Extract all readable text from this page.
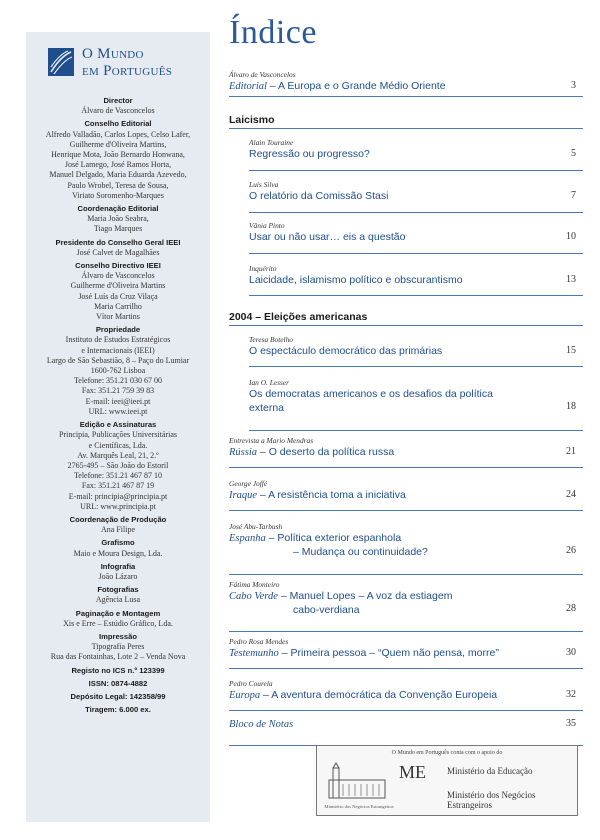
O Mundo
em Português
Director
Álvaro de Vasconcelos
Conselho Editorial
Alfredo Valladão, Carlos Lopes, Celso Lafer,
Guilherme d'Oliveira Martins,
Henrique Mota, João Bernardo Honwana,
José Lamego, José Ramos Horta,
Manuel Delgado, Maria Eduarda Azevedo,
Paulo Wrobel, Teresa de Sousa,
Viriato Soromenho-Marques
Coordenação Editorial
Maria João Seabra,
Tiago Marques
Presidente do Conselho Geral IEEI
José Calvet de Magalhães
Conselho Directivo IEEI
Álvaro de Vasconcelos
Guilherme d'Oliveira Martins
José Luís da Cruz Vilaça
Maria Carrilho
Vítor Martins
Propriedade
Instituto de Estudos Estratégicos
e Internacionais (IEEI)
Largo de São Sebastião, 8 – Paço do Lumiar
1600-762 Lisboa
Telefone: 351.21 030 67 00
Fax: 351.21 759 39 83
E-mail: ieei@ieei.pt
URL: www.ieei.pt
Edição e Assinaturas
Principia, Publicações Universitárias
e Científicas, Lda.
Av. Marquês Leal, 21, 2.º
2765-495 – São João do Estoril
Telefone: 351.21 467 87 10
Fax: 351.21 467 87 19
E-mail: principia@principia.pt
URL: www.principia.pt
Coordenação de Produção
Ana Filipe
Grafismo
Maio e Moura Design, Lda.
Infografia
João Lázaro
Fotografias
Agência Lusa
Paginação e Montagem
Xis e Erre – Estúdio Gráfico, Lda.
Impressão
Tipografia Peres
Rua das Fontainhas, Lote 2 – Venda Nova
Registo no ICS n.º 123399
ISSN: 0874-4882
Depósito Legal: 142358/99
Tiragem: 6.000 ex.
Índice
Álvaro de Vasconcelos
Editorial – A Europa e o Grande Médio Oriente	3
Laicismo
Alain Touraine
Regressão ou progresso?	5
Luís Silva
O relatório da Comissão Stasi	7
Vânia Pinto
Usar ou não usar… eis a questão	10
Inquérito
Laicidade, islamismo político e obscurantismo	13
2004 – Eleições americanas
Teresa Botelho
O espectáculo democrático das primárias	15
Ian O. Lesser
Os democratas americanos e os desafios da política
externa	18
Entrevista a Mario Mendras
Rússia – O deserto da política russa	21
George Joffé
Iraque – A resistência toma a iniciativa	24
José Abu-Tarbush
Espanha – Política exterior espanhola
– Mudança ou continuidade?	26
Fátima Monteiro
Cabo Verde – Manuel Lopes – A voz da estiagem
cabo-verdiana	28
Pedro Rosa Mendes
Testemunho – Primeira pessoa – “Quem não pensa, morre”	30
Pedro Courela
Europa – A aventura democrática da Convenção Europeia	32
Bloco de Notas	35
O Mundo em Português conta com o apoio do
Ministério dos Negócios Estrangeiros
ME Ministério da Educação
Ministério dos Negócios Estrangeiros
